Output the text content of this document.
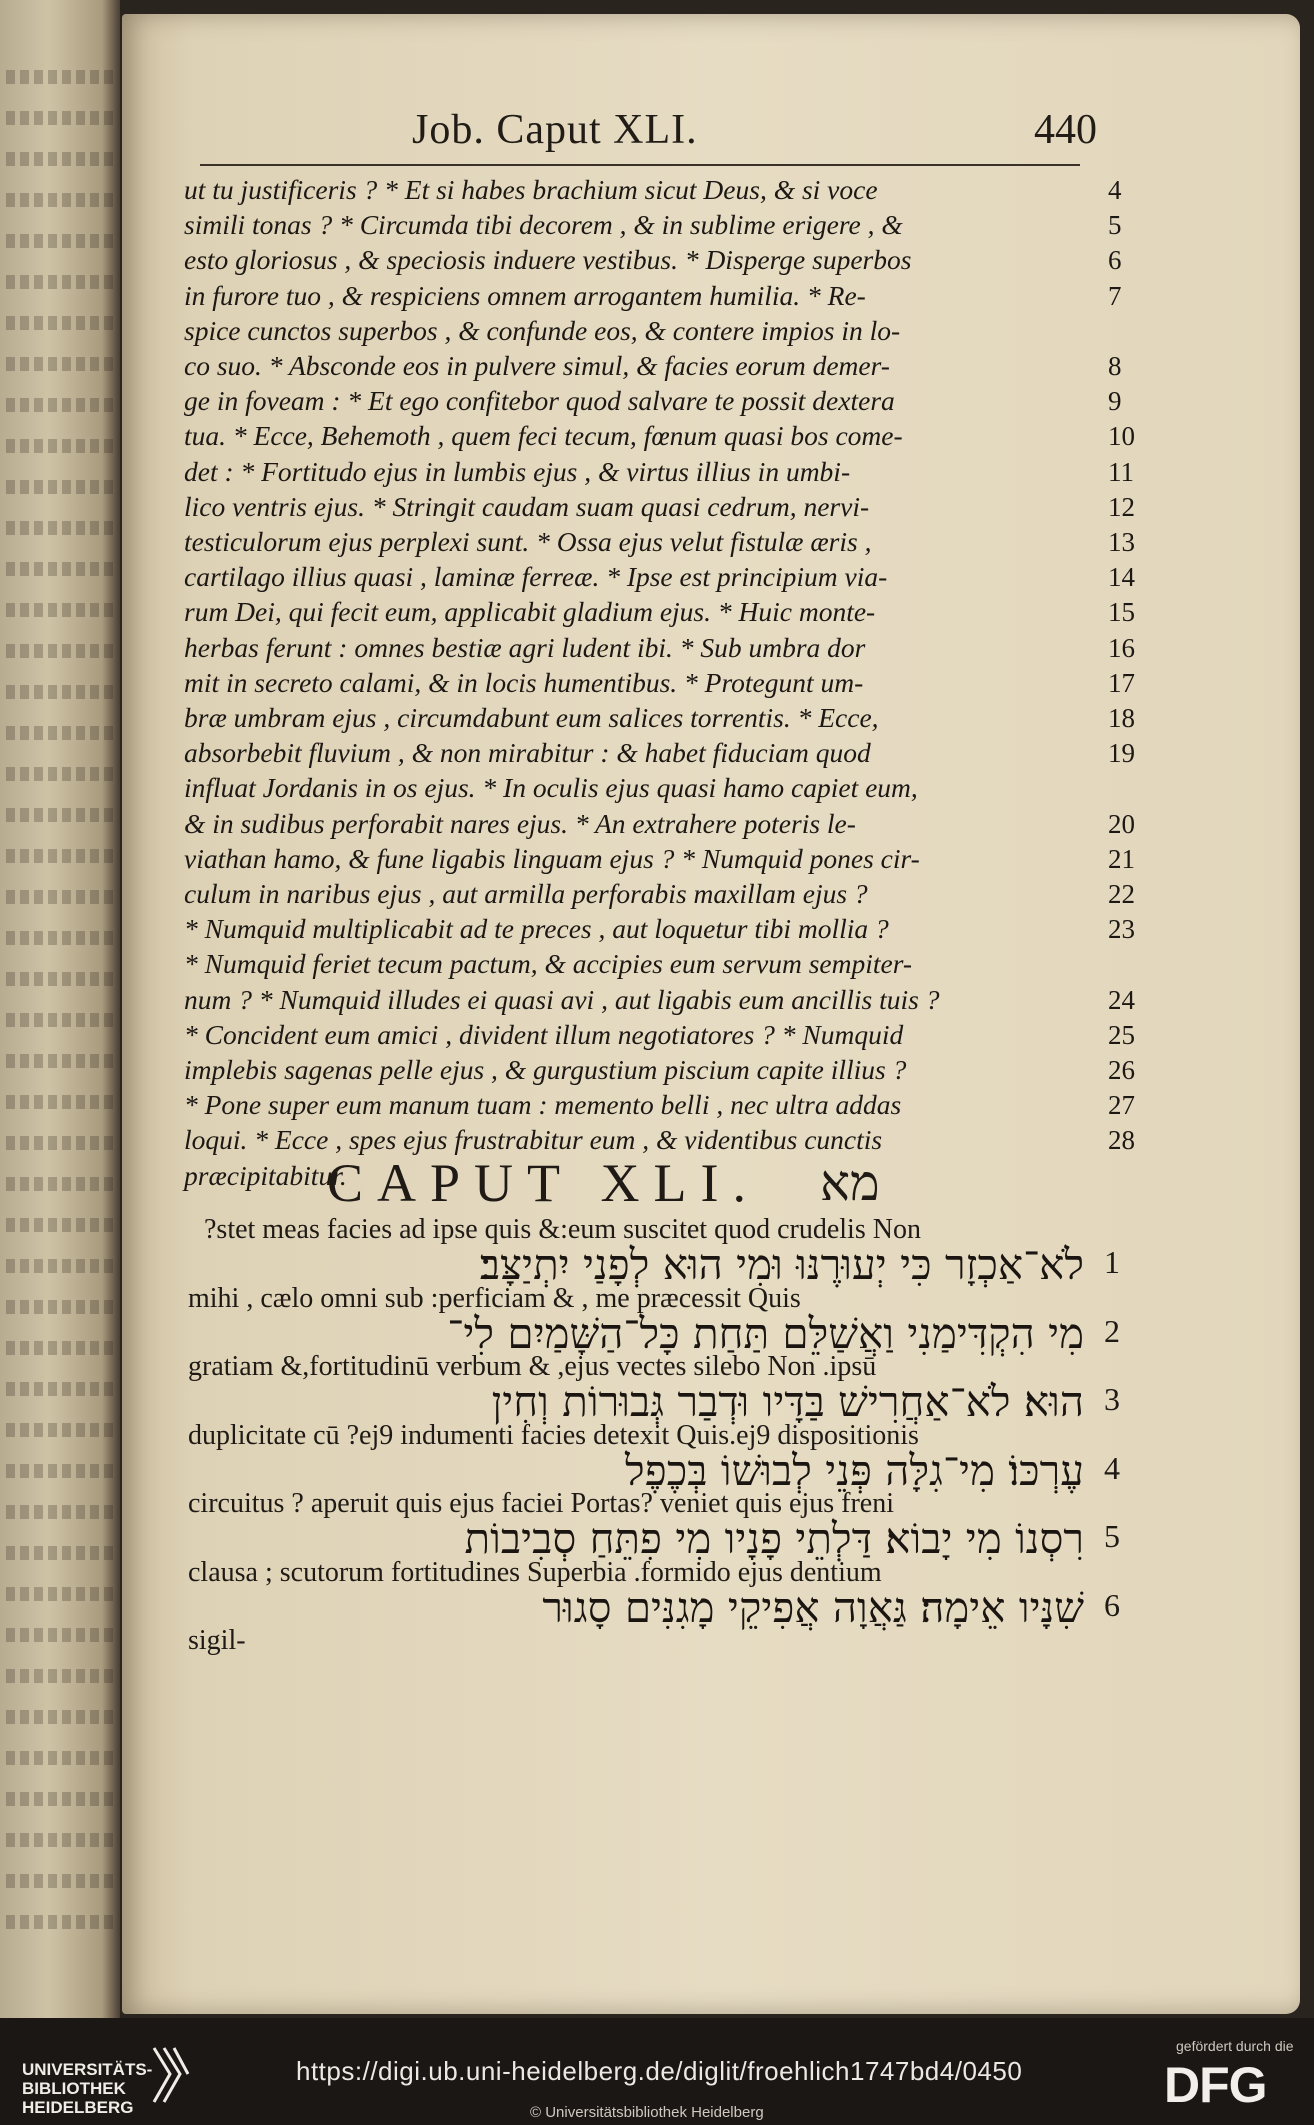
Job. Caput XLI.	440
ut tu justificeris ? * Et si habes brachium sicut Deus, & si voce	4
simili tonas ? * Circumda tibi decorem , & in sublime erigere , &	5
esto gloriosus , & speciosis induere vestibus. * Disperge superbos	6
in furore tuo , & respiciens omnem arrogantem humilia. * Re-	7
spice cunctos superbos , & confunde eos, & contere impios in lo-
co suo. * Absconde eos in pulvere simul, & facies eorum demer-	8
ge in foveam : * Et ego confitebor quod salvare te possit dextera	9
tua. * Ecce, Behemoth , quem feci tecum, fœnum quasi bos come-	10
det : * Fortitudo ejus in lumbis ejus , & virtus illius in umbi-	11
lico ventris ejus. * Stringit caudam suam quasi cedrum, nervi-	12
testiculorum ejus perplexi sunt. * Ossa ejus velut fistulæ æris ,	13
cartilago illius quasi , laminæ ferreæ. * Ipse est principium via-	14
rum Dei, qui fecit eum, applicabit gladium ejus. * Huic monte-	15
herbas ferunt : omnes bestiæ agri ludent ibi. * Sub umbra dor	16
mit in secreto calami, & in locis humentibus. * Protegunt um-	17
bræ umbram ejus , circumdabunt eum salices torrentis. * Ecce,	18
absorbebit fluvium , & non mirabitur : & habet fiduciam quod	19
influat Jordanis in os ejus. * In oculis ejus quasi hamo capiet eum,
& in sudibus perforabit nares ejus. * An extrahere poteris le-	20
viathan hamo, & fune ligabis linguam ejus ? * Numquid pones cir-	21
culum in naribus ejus , aut armilla perforabis maxillam ejus ?	22
* Numquid multiplicabit ad te preces , aut loquetur tibi mollia ?	23
* Numquid feriet tecum pactum, & accipies eum servum sempiter-
num ? * Numquid illudes ei quasi avi , aut ligabis eum ancillis tuis ?	24
* Concident eum amici , divident illum negotiatores ? * Numquid	25
implebis sagenas pelle ejus , & gurgustium piscium capite illius ?	26
* Pone super eum manum tuam : memento belli , nec ultra addas	27
loqui. * Ecce , spes ejus frustrabitur eum , & videntibus cunctis	28
præcipitabitur.
CAPUT XLI. מא
?stet meas facies ad ipse quis &:eum suscitet quod crudelis Non
לֹא־אַכְזָר כִּי יְעוּרֶנּוּ וּמִי הוּא לְפָנַי יִתְיַצָּב׃ 1
mihi , cælo omni sub :perficiam & , me præcessit Quis
מִי הִקְדִּימַנִי וַאֲשַׁלֵּם תַּחַת כָּל־הַשָּׁמַיִם לִי־ 2
gratiam &,fortitudinū verbum & ,ejus vectes silebo Non .ipsū
הוּא׃ לֹא־אַחֲרִישׁ בַּדָּיו וּדְבַר גְּבוּרוֹת וְחִין 3
duplicitate cū ?ej9 indumenti facies detexit Quis.ej9 dispositionis
עֶרְכּוֹ׃ מִי־גִלָּה פְּנֵי לְבוּשׁוֹ בְּכֶפֶל 4
circuitus ? aperuit quis ejus faciei Portas? veniet quis ejus freni
רִסְנוֹ מִי יָבוֹא׃ דַּלְתֵי פָנָיו מִי פִתֵּחַ סְבִיבוֹת 5
clausa ; scutorum fortitudines Superbia .formido ejus dentium
שִׁנָּיו אֵימָה׃ גַּאֲוָה אֲפִיקֵי מָגִנִּים סָגוּר 6
sigil-
UNIVERSITÄTS-
BIBLIOTHEK
HEIDELBERG
https://digi.ub.uni-heidelberg.de/diglit/froehlich1747bd4/0450
© Universitätsbibliothek Heidelberg
gefördert durch die
DFG
